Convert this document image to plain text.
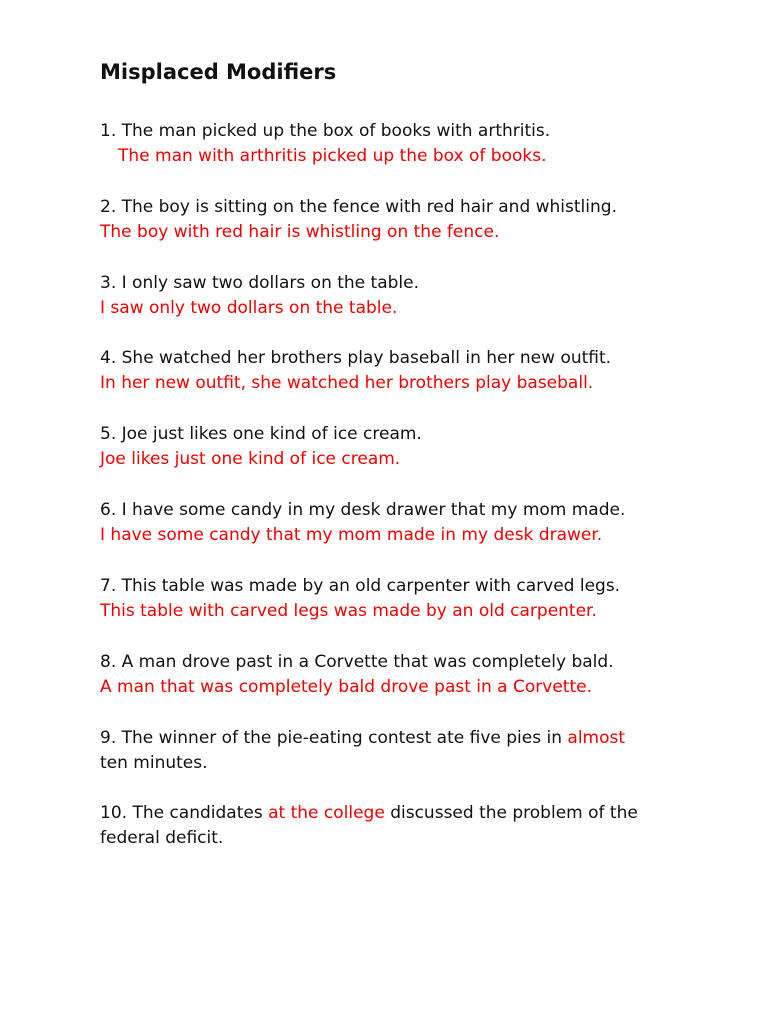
Misplaced Modifiers
1. The man picked up the box of books with arthritis.
The man with arthritis picked up the box of books.
2. The boy is sitting on the fence with red hair and whistling.
The boy with red hair is whistling on the fence.
3. I only saw two dollars on the table.
I saw only two dollars on the table.
4. She watched her brothers play baseball in her new outfit.
In her new outfit, she watched her brothers play baseball.
5. Joe just likes one kind of ice cream.
Joe likes just one kind of ice cream.
6. I have some candy in my desk drawer that my mom made.
I have some candy that my mom made in my desk drawer.
7. This table was made by an old carpenter with carved legs.
This table with carved legs was made by an old carpenter.
8. A man drove past in a Corvette that was completely bald.
A man that was completely bald drove past in a Corvette.
9. The winner of the pie-eating contest ate five pies in almost ten minutes.
10. The candidates at the college discussed the problem of the federal deficit.
